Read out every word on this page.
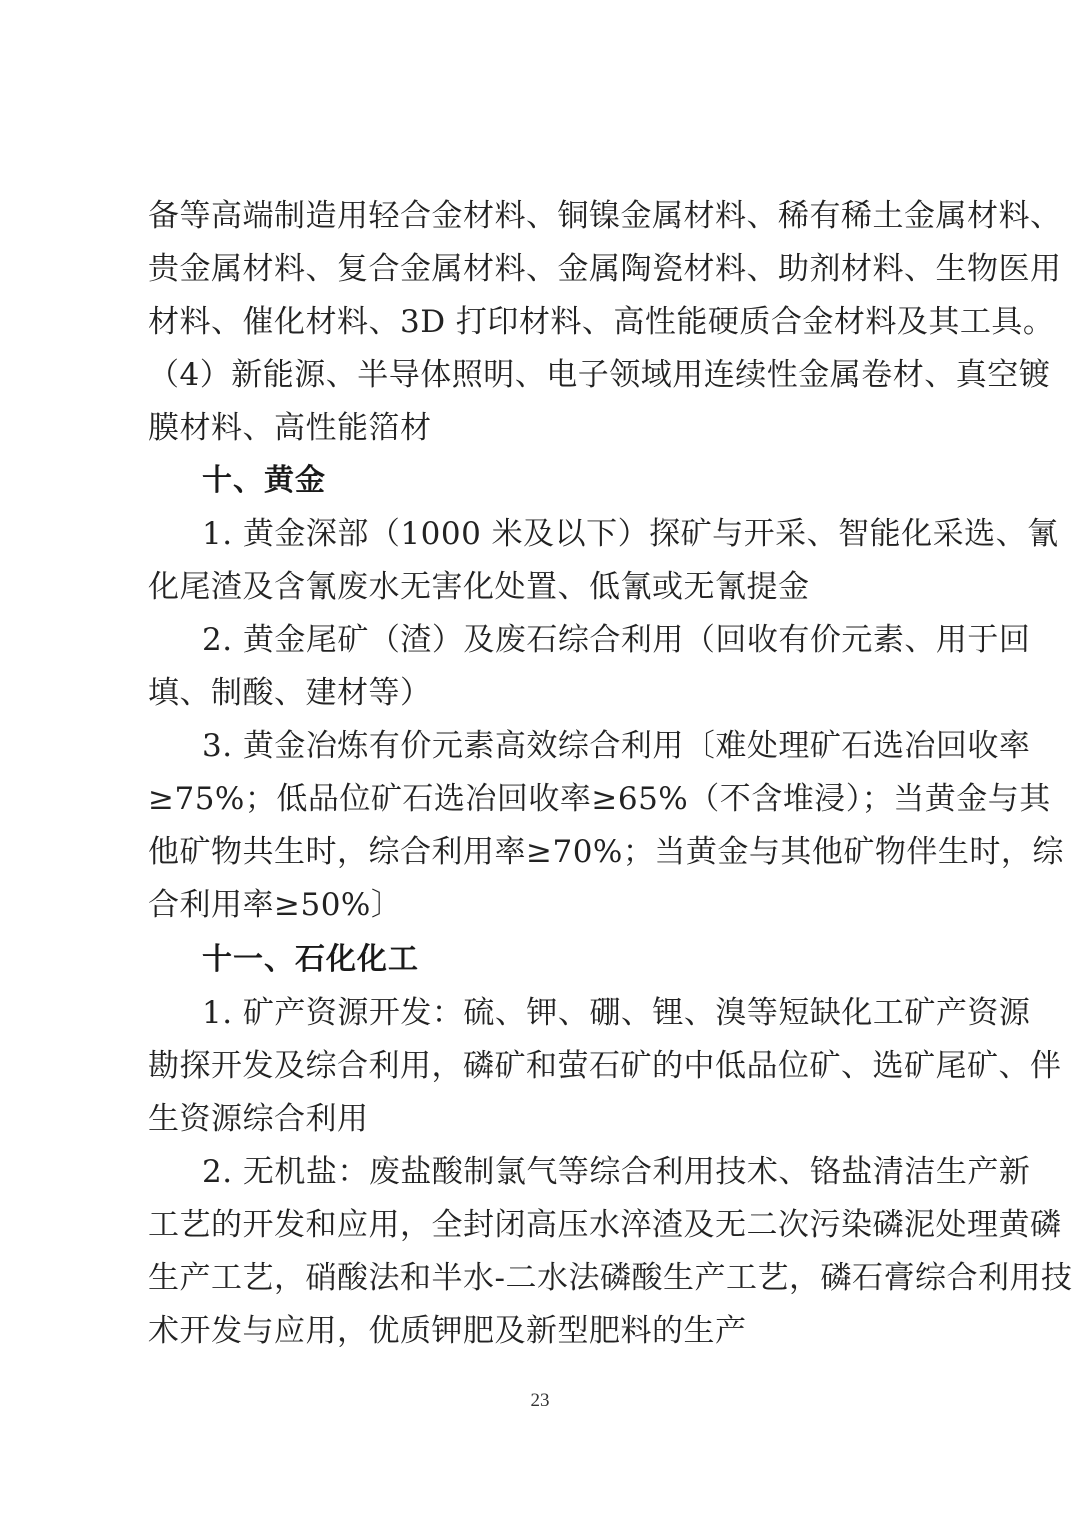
备等高端制造用轻合金材料、铜镍金属材料、稀有稀土金属材料、
贵金属材料、复合金属材料、金属陶瓷材料、助剂材料、生物医用
材料、催化材料、3D 打印材料、高性能硬质合金材料及其工具。
（4）新能源、半导体照明、电子领域用连续性金属卷材、真空镀
膜材料、高性能箔材
十、黄金
1. 黄金深部（1000 米及以下）探矿与开采、智能化采选、氰
化尾渣及含氰废水无害化处置、低氰或无氰提金
2. 黄金尾矿（渣）及废石综合利用（回收有价元素、用于回
填、制酸、建材等）
3. 黄金冶炼有价元素高效综合利用〔难处理矿石选冶回收率
≥75%；低品位矿石选冶回收率≥65%（不含堆浸）；当黄金与其
他矿物共生时，综合利用率≥70%；当黄金与其他矿物伴生时，综
合利用率≥50%〕
十一、石化化工
1. 矿产资源开发：硫、钾、硼、锂、溴等短缺化工矿产资源
勘探开发及综合利用，磷矿和萤石矿的中低品位矿、选矿尾矿、伴
生资源综合利用
2. 无机盐：废盐酸制氯气等综合利用技术、铬盐清洁生产新
工艺的开发和应用，全封闭高压水淬渣及无二次污染磷泥处理黄磷
生产工艺，硝酸法和半水-二水法磷酸生产工艺，磷石膏综合利用技
术开发与应用，优质钾肥及新型肥料的生产
23
